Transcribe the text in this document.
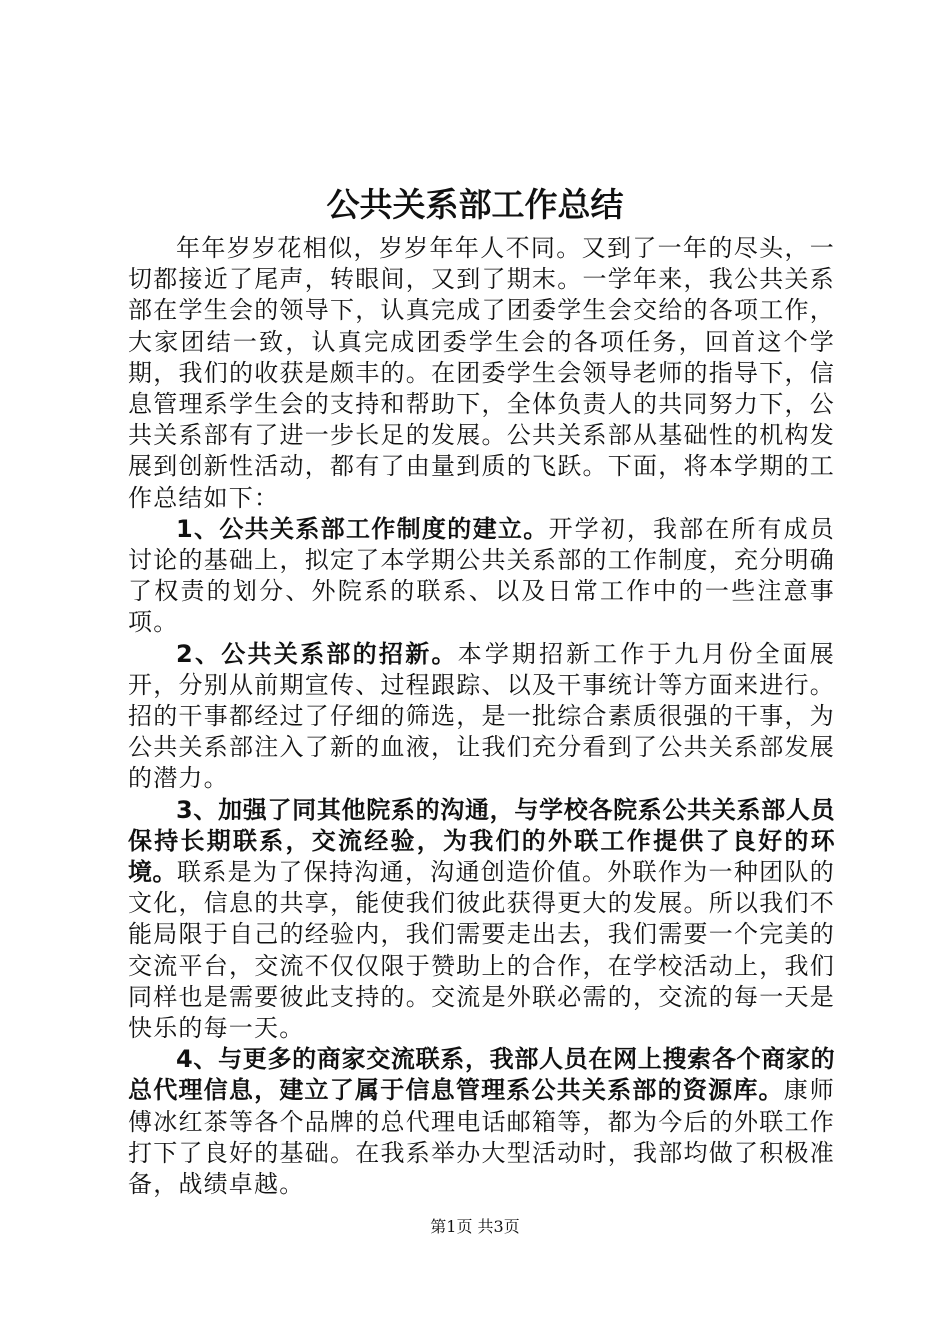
公共关系部工作总结

年年岁岁花相似，岁岁年年人不同。又到了一年的尽头，一切都接近了尾声，转眼间，又到了期末。一学年来，我公共关系部在学生会的领导下，认真完成了团委学生会交给的各项工作，大家团结一致，认真完成团委学生会的各项任务，回首这个学期，我们的收获是颇丰的。在团委学生会领导老师的指导下，信息管理系学生会的支持和帮助下，全体负责人的共同努力下，公共关系部有了进一步长足的发展。公共关系部从基础性的机构发展到创新性活动，都有了由量到质的飞跃。下面，将本学期的工作总结如下：

1、公共关系部工作制度的建立。开学初，我部在所有成员讨论的基础上，拟定了本学期公共关系部的工作制度，充分明确了权责的划分、外院系的联系、以及日常工作中的一些注意事项。

2、公共关系部的招新。本学期招新工作于九月份全面展开，分别从前期宣传、过程跟踪、以及干事统计等方面来进行。招的干事都经过了仔细的筛选，是一批综合素质很强的干事，为公共关系部注入了新的血液，让我们充分看到了公共关系部发展的潜力。

3、加强了同其他院系的沟通，与学校各院系公共关系部人员保持长期联系，交流经验，为我们的外联工作提供了良好的环境。联系是为了保持沟通，沟通创造价值。外联作为一种团队的文化，信息的共享，能使我们彼此获得更大的发展。所以我们不能局限于自己的经验内，我们需要走出去，我们需要一个完美的交流平台，交流不仅仅限于赞助上的合作，在学校活动上，我们同样也是需要彼此支持的。交流是外联必需的，交流的每一天是快乐的每一天。

4、与更多的商家交流联系，我部人员在网上搜索各个商家的总代理信息，建立了属于信息管理系公共关系部的资源库。康师傅冰红茶等各个品牌的总代理电话邮箱等，都为今后的外联工作打下了良好的基础。在我系举办大型活动时，我部均做了积极准备，战绩卓越。

第1页 共3页
